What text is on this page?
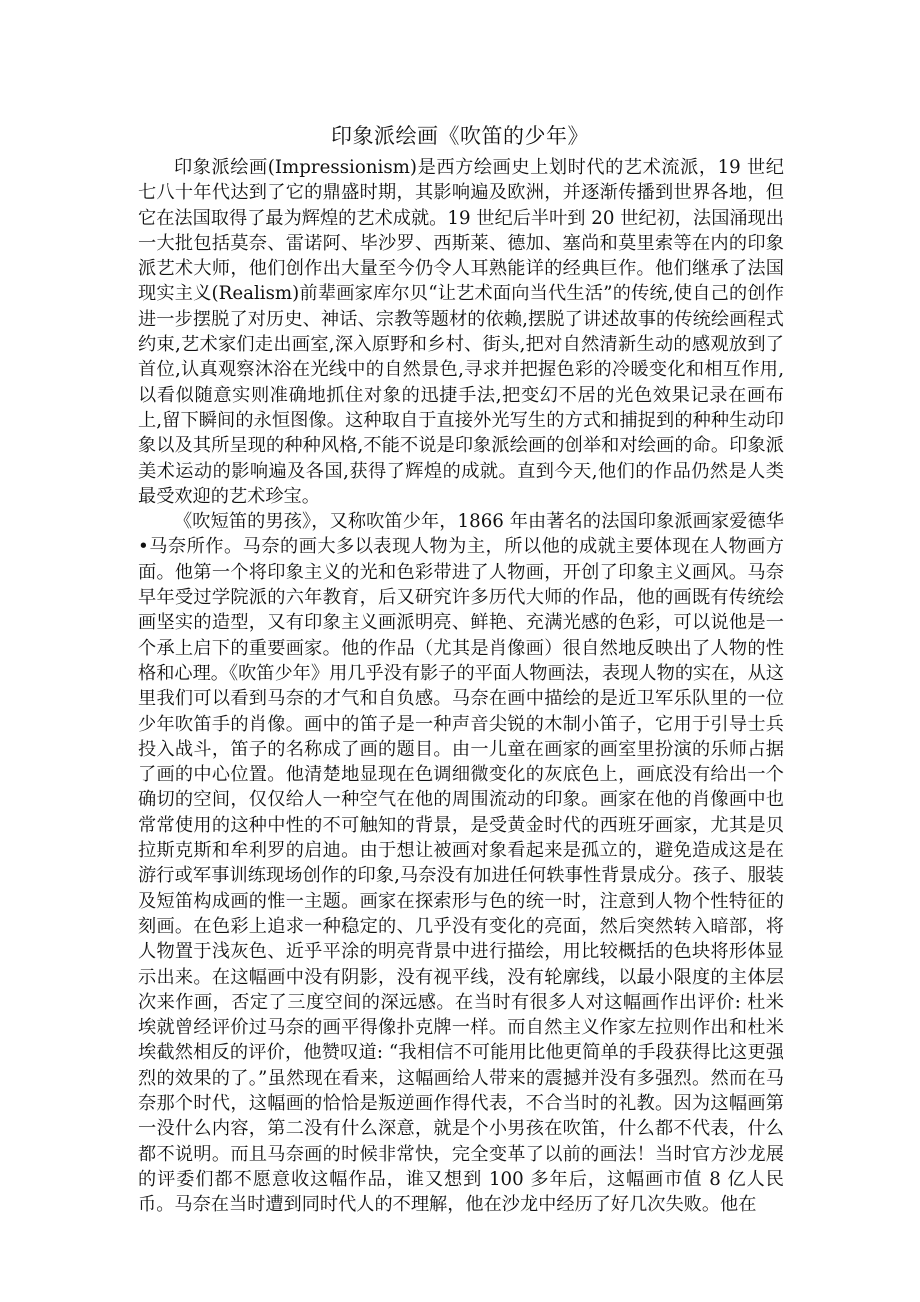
印象派绘画《吹笛的少年》

印象派绘画(Impressionism)是西方绘画史上划时代的艺术流派，19 世纪七八十年代达到了它的鼎盛时期，其影响遍及欧洲，并逐渐传播到世界各地，但它在法国取得了最为辉煌的艺术成就。19 世纪后半叶到 20 世纪初，法国涌现出一大批包括莫奈、雷诺阿、毕沙罗、西斯莱、德加、塞尚和莫里索等在内的印象派艺术大师，他们创作出大量至今仍令人耳熟能详的经典巨作。他们继承了法国现实主义(Realism)前辈画家库尔贝“让艺术面向当代生活”的传统,使自己的创作进一步摆脱了对历史、神话、宗教等题材的依赖,摆脱了讲述故事的传统绘画程式约束,艺术家们走出画室,深入原野和乡村、街头,把对自然清新生动的感观放到了首位,认真观察沐浴在光线中的自然景色,寻求并把握色彩的冷暖变化和相互作用,以看似随意实则准确地抓住对象的迅捷手法,把变幻不居的光色效果记录在画布上,留下瞬间的永恒图像。这种取自于直接外光写生的方式和捕捉到的种种生动印象以及其所呈现的种种风格,不能不说是印象派绘画的创举和对绘画的命。印象派美术运动的影响遍及各国,获得了辉煌的成就。直到今天,他们的作品仍然是人类最受欢迎的艺术珍宝。

《吹短笛的男孩》，又称吹笛少年，1866 年由著名的法国印象派画家爱德华•马奈所作。马奈的画大多以表现人物为主，所以他的成就主要体现在人物画方面。他第一个将印象主义的光和色彩带进了人物画，开创了印象主义画风。马奈早年受过学院派的六年教育，后又研究许多历代大师的作品，他的画既有传统绘画坚实的造型，又有印象主义画派明亮、鲜艳、充满光感的色彩，可以说他是一个承上启下的重要画家。他的作品（尤其是肖像画）很自然地反映出了人物的性格和心理。《吹笛少年》用几乎没有影子的平面人物画法，表现人物的实在，从这里我们可以看到马奈的才气和自负感。马奈在画中描绘的是近卫军乐队里的一位少年吹笛手的肖像。画中的笛子是一种声音尖锐的木制小笛子，它用于引导士兵投入战斗，笛子的名称成了画的题目。由一儿童在画家的画室里扮演的乐师占据了画的中心位置。他清楚地显现在色调细微变化的灰底色上，画底没有给出一个确切的空间，仅仅给人一种空气在他的周围流动的印象。画家在他的肖像画中也常常使用的这种中性的不可触知的背景，是受黄金时代的西班牙画家，尤其是贝拉斯克斯和牟利罗的启迪。由于想让被画对象看起来是孤立的，避免造成这是在游行或军事训练现场创作的印象,马奈没有加进任何轶事性背景成分。孩子、服装及短笛构成画的惟一主题。画家在探索形与色的统一时，注意到人物个性特征的刻画。在色彩上追求一种稳定的、几乎没有变化的亮面，然后突然转入暗部，将人物置于浅灰色、近乎平涂的明亮背景中进行描绘，用比较概括的色块将形体显示出来。在这幅画中没有阴影，没有视平线，没有轮廓线，以最小限度的主体层次来作画，否定了三度空间的深远感。在当时有很多人对这幅画作出评价: 杜米埃就曾经评价过马奈的画平得像扑克牌一样。而自然主义作家左拉则作出和杜米埃截然相反的评价，他赞叹道: “我相信不可能用比他更简单的手段获得比这更强烈的效果的了。”虽然现在看来，这幅画给人带来的震撼并没有多强烈。然而在马奈那个时代，这幅画的恰恰是叛逆画作得代表，不合当时的礼教。因为这幅画第一没什么内容，第二没有什么深意，就是个小男孩在吹笛，什么都不代表，什么都不说明。而且马奈画的时候非常快，完全变革了以前的画法！当时官方沙龙展的评委们都不愿意收这幅作品，谁又想到 100 多年后，这幅画市值 8 亿人民币。马奈在当时遭到同时代人的不理解，他在沙龙中经历了好几次失败。他在
